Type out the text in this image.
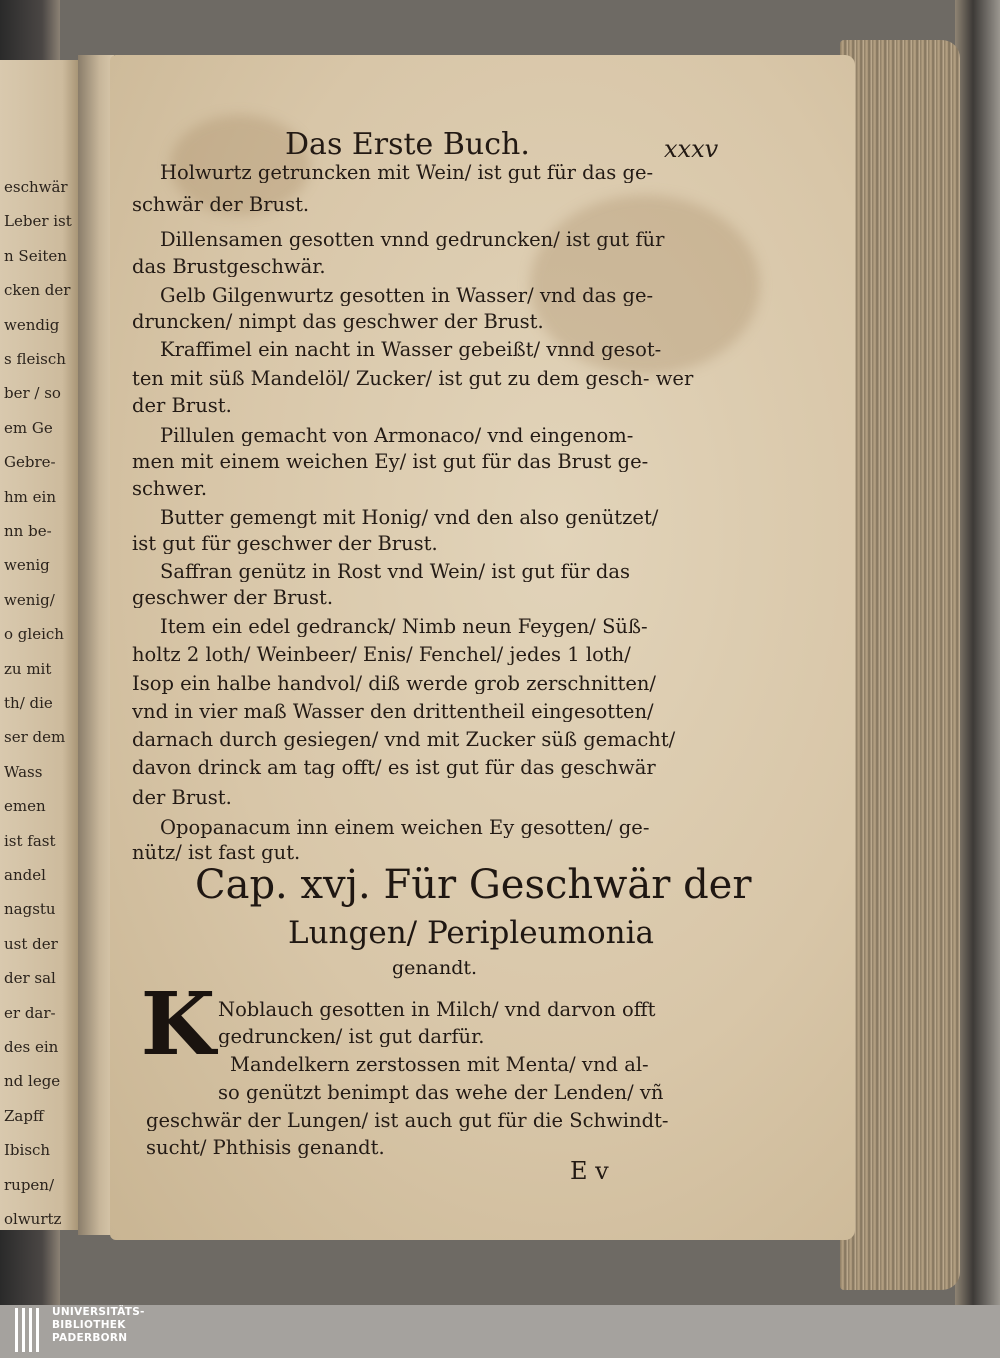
eschwär
Leber ist
n Seiten
cken der
wendig
s fleisch
ber / so
em Ge
Gebre-
hm ein
nn be-
wenig
wenig/
o gleich
zu mit
th/ die
ser dem
Wass
emen
ist fast
andel
nagstu
ust der
der sal
er dar-
des ein
nd lege
Zapff
Ibisch
rupen/
olwurtz
Das Erste Buch.	xxxv
Holwurtz getruncken mit Wein/ ist gut für das ge-
schwär der Brust.
Dillensamen gesotten vnnd gedruncken/ ist gut für
das Brustgeschwär.
Gelb Gilgenwurtz gesotten in Wasser/ vnd das ge-
druncken/ nimpt das geschwer der Brust.
Kraffimel ein nacht in Wasser gebeißt/ vnnd gesot-
ten mit süß Mandelöl/ Zucker/ ist gut zu dem gesch- wer
der Brust.
Pillulen gemacht von Armonaco/ vnd eingenom-
men mit einem weichen Ey/ ist gut für das Brust ge-
schwer.
Butter gemengt mit Honig/ vnd den also genützet/
ist gut für geschwer der Brust.
Saffran genütz in Rost vnd Wein/ ist gut für das
geschwer der Brust.
Item ein edel gedranck/ Nimb neun Feygen/ Süß-
holtz 2 loth/ Weinbeer/ Enis/ Fenchel/ jedes 1 loth/
Isop ein halbe handvol/ diß werde grob zerschnitten/
vnd in vier maß Wasser den drittentheil eingesotten/
darnach durch gesiegen/ vnd mit Zucker süß gemacht/
davon drinck am tag offt/ es ist gut für das geschwär
der Brust.
Opopanacum inn einem weichen Ey gesotten/ ge-
nütz/ ist fast gut.
Cap. xvj. Für Geschwär der
Lungen/ Peripleumonia
genandt.
K Noblauch gesotten in Milch/ vnd darvon offt
gedruncken/ ist gut darfür.
Mandelkern zerstossen mit Menta/ vnd al-
so genützt benimpt das wehe der Lenden/ vñ
geschwär der Lungen/ ist auch gut für die Schwindt-
sucht/ Phthisis genandt.
E v
UNIVERSITÄTS-
BIBLIOTHEK
PADERBORN
